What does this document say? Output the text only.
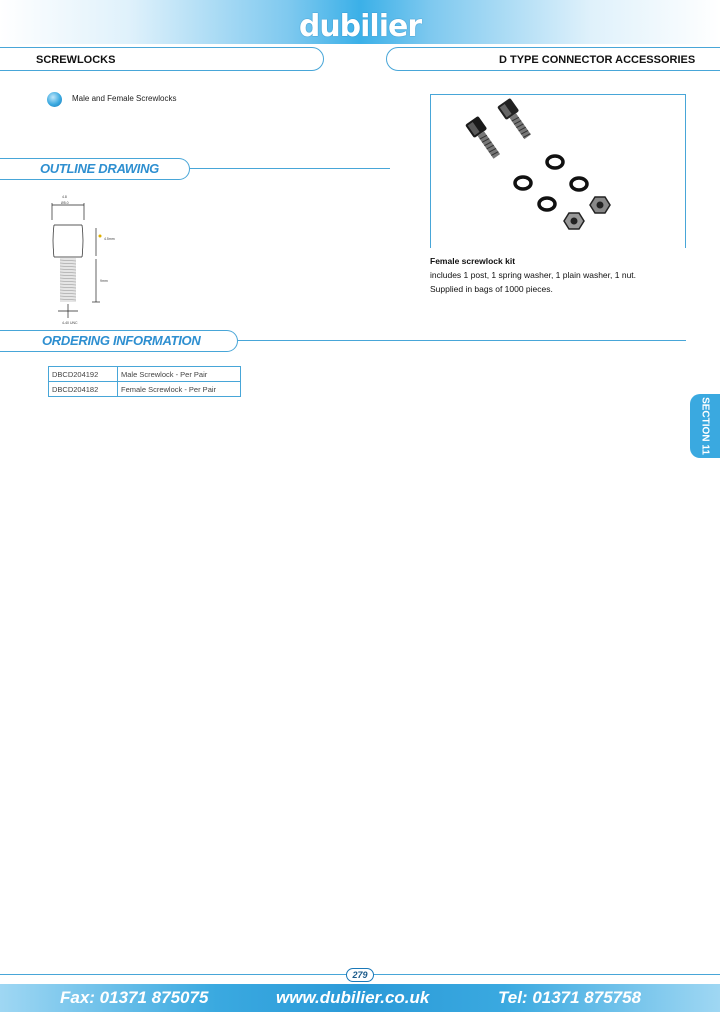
dubilier
SCREWLOCKS	D TYPE CONNECTOR ACCESSORIES
Male and Female Screwlocks
Female screwlock kit
includes 1 post, 1 spring washer, 1 plain washer, 1 nut.
Supplied in bags of 1000 pieces.
OUTLINE DRAWING
4.8
Ø5.0
4.5mm
9mm
4-40 UNC
ORDERING INFORMATION
DBCD204192	Male Screwlock - Per Pair
DBCD204182	Female Screwlock - Per Pair
SECTION 11
279
Fax: 01371 875075	www.dubilier.co.uk	Tel: 01371 875758
